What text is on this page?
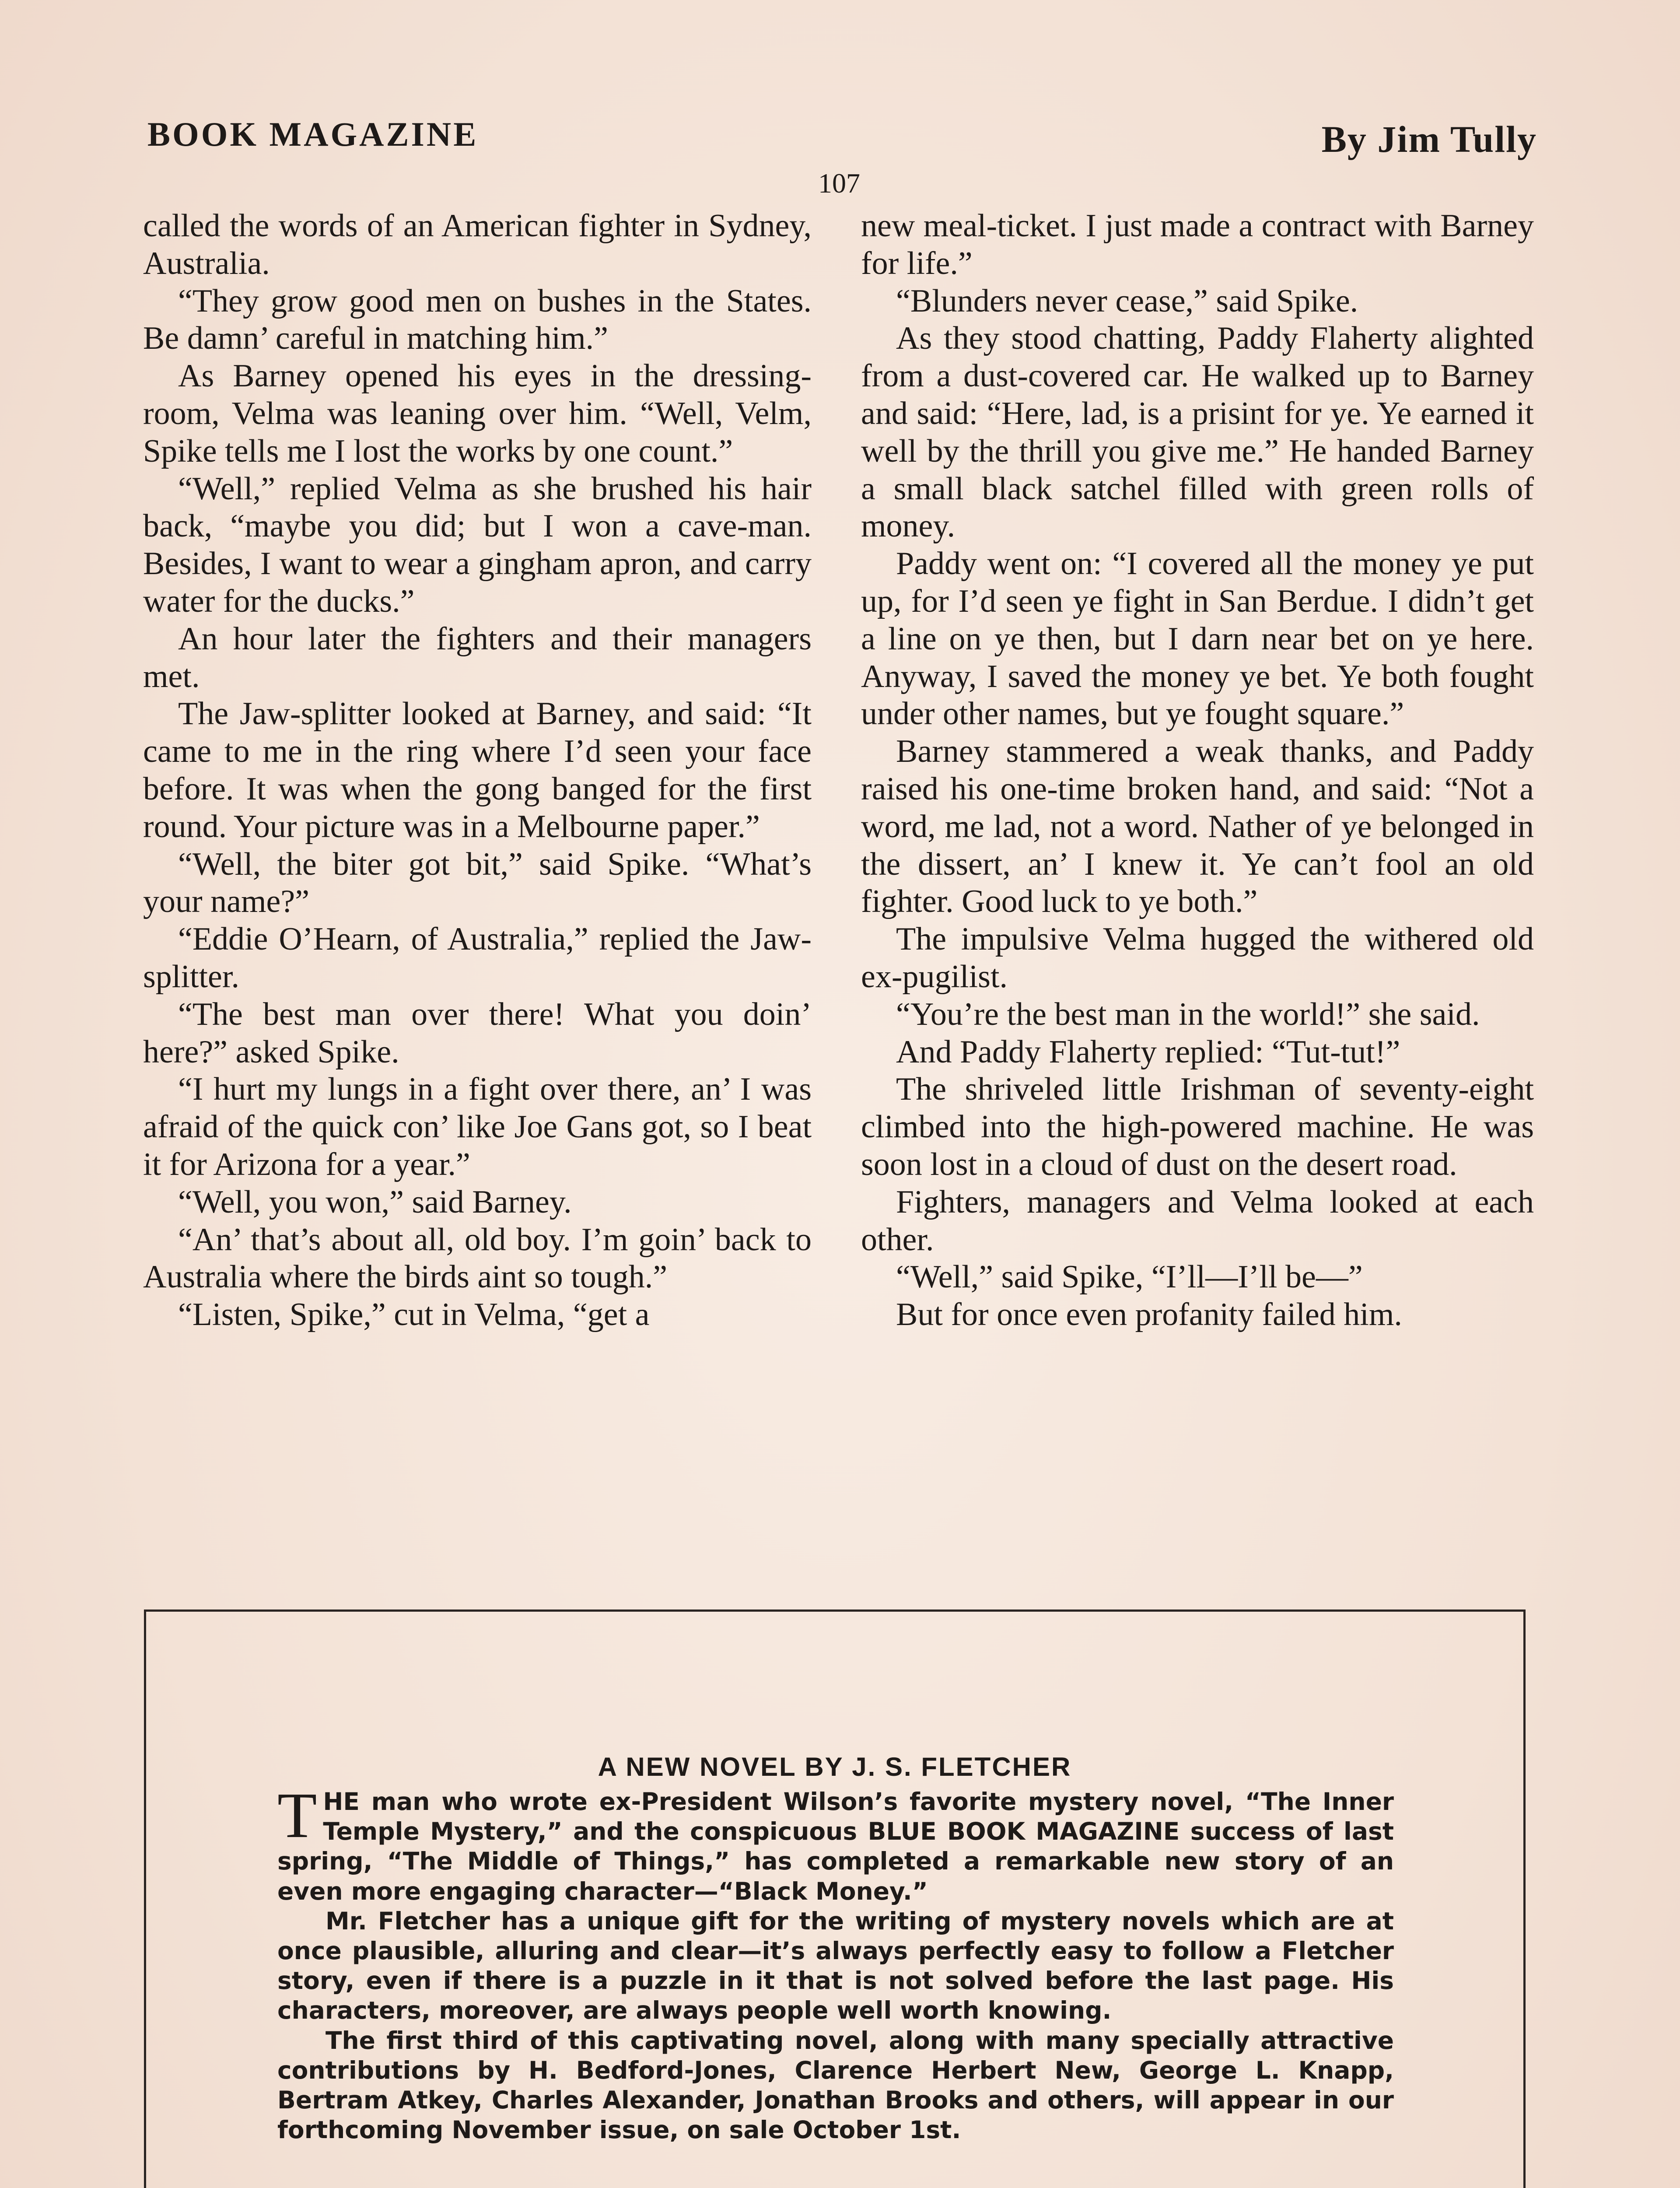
BOOK MAGAZINE	By Jim Tully
107

called the words of an American fighter in Sydney, Australia.

“They grow good men on bushes in the States. Be damn’ careful in matching him.”

As Barney opened his eyes in the dressing-room, Velma was leaning over him. “Well, Velm, Spike tells me I lost the works by one count.”

“Well,” replied Velma as she brushed his hair back, “maybe you did; but I won a cave-man. Besides, I want to wear a gingham apron, and carry water for the ducks.”

An hour later the fighters and their managers met.

The Jaw-splitter looked at Barney, and said: “It came to me in the ring where I’d seen your face before. It was when the gong banged for the first round. Your picture was in a Melbourne paper.”

“Well, the biter got bit,” said Spike. “What’s your name?”

“Eddie O’Hearn, of Australia,” replied the Jaw-splitter.

“The best man over there! What you doin’ here?” asked Spike.

“I hurt my lungs in a fight over there, an’ I was afraid of the quick con’ like Joe Gans got, so I beat it for Arizona for a year.”

“Well, you won,” said Barney.

“An’ that’s about all, old boy. I’m goin’ back to Australia where the birds aint so tough.”

“Listen, Spike,” cut in Velma, “get a

new meal-ticket. I just made a contract with Barney for life.”

“Blunders never cease,” said Spike.

As they stood chatting, Paddy Flaherty alighted from a dust-covered car. He walked up to Barney and said: “Here, lad, is a prisint for ye. Ye earned it well by the thrill you give me.” He handed Barney a small black satchel filled with green rolls of money.

Paddy went on: “I covered all the money ye put up, for I’d seen ye fight in San Berdue. I didn’t get a line on ye then, but I darn near bet on ye here. Anyway, I saved the money ye bet. Ye both fought under other names, but ye fought square.”

Barney stammered a weak thanks, and Paddy raised his one-time broken hand, and said: “Not a word, me lad, not a word. Nather of ye belonged in the dissert, an’ I knew it. Ye can’t fool an old fighter. Good luck to ye both.”

The impulsive Velma hugged the withered old ex-pugilist.

“You’re the best man in the world!” she said.

And Paddy Flaherty replied: “Tut-tut!”

The shriveled little Irishman of seventy-eight climbed into the high-powered machine. He was soon lost in a cloud of dust on the desert road.

Fighters, managers and Velma looked at each other.

“Well,” said Spike, “I’ll—I’ll be—”

But for once even profanity failed him.

A NEW NOVEL BY J. S. FLETCHER

THE man who wrote ex-President Wilson’s favorite mystery novel, “The Inner Temple Mystery,” and the conspicuous BLUE BOOK MAGAZINE success of last spring, “The Middle of Things,” has completed a remarkable new story of an even more engaging character—“Black Money.”

Mr. Fletcher has a unique gift for the writing of mystery novels which are at once plausible, alluring and clear—it’s always perfectly easy to follow a Fletcher story, even if there is a puzzle in it that is not solved before the last page. His characters, moreover, are always people well worth knowing.

The first third of this captivating novel, along with many specially attractive contributions by H. Bedford-Jones, Clarence Herbert New, George L. Knapp, Bertram Atkey, Charles Alexander, Jonathan Brooks and others, will appear in our forthcoming November issue, on sale October 1st.
